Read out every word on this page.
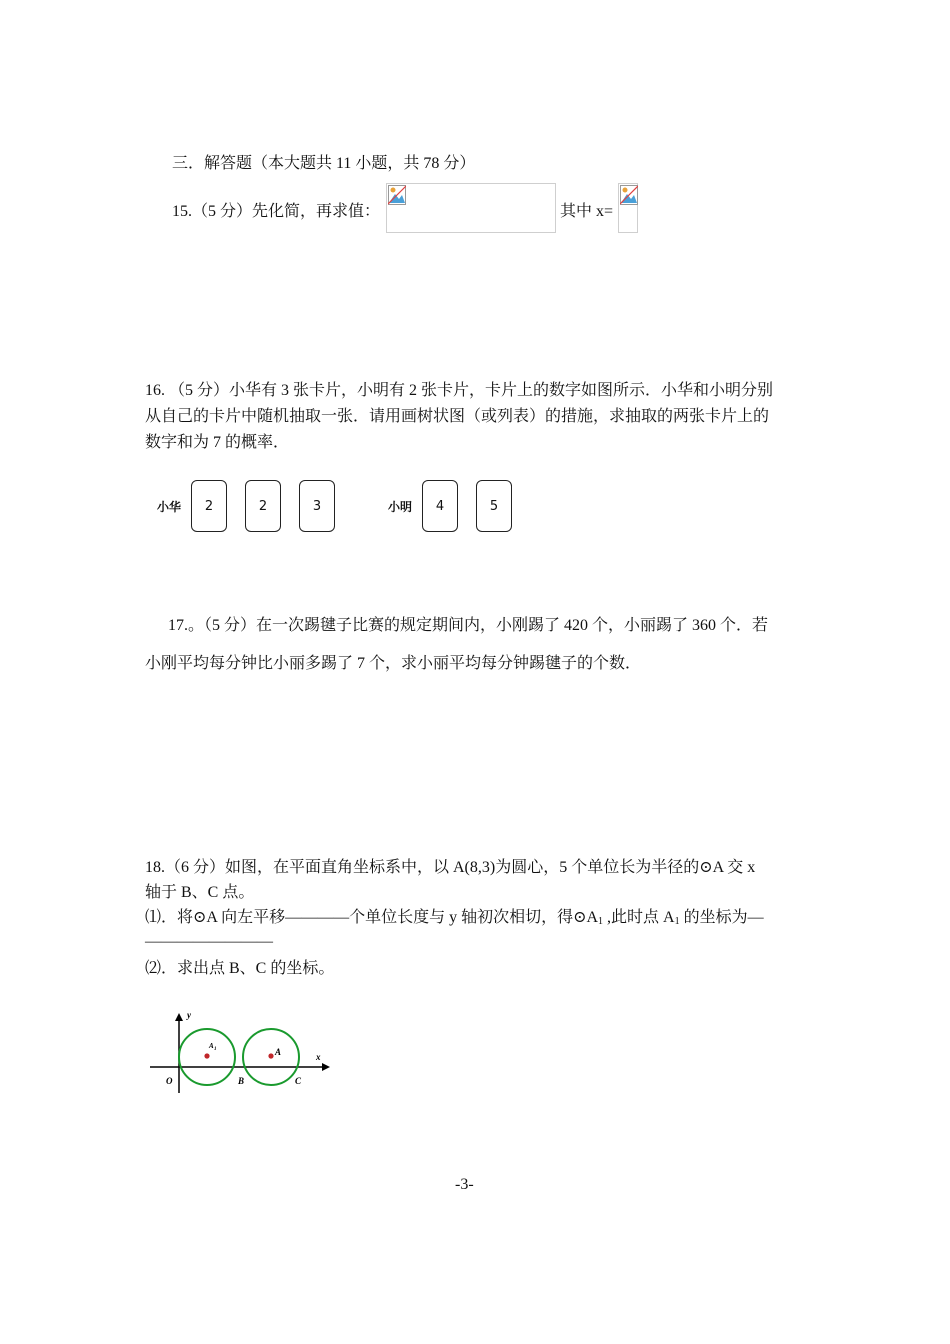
三．解答题（本大题共 11 小题，共 78 分）
15.（5 分）先化简，再求值：	其中 x=
16. （5 分）小华有 3 张卡片，小明有 2 张卡片，卡片上的数字如图所示．小华和小明分别
从自己的卡片中随机抽取一张．请用画树状图（或列表）的措施，求抽取的两张卡片上的
数字和为 7 的概率．
小华	2	2	3	小明	4	5
17.。（5 分）在一次踢毽子比赛的规定期间内，小刚踢了 420 个，小丽踢了 360 个．若
小刚平均每分钟比小丽多踢了 7 个，求小丽平均每分钟踢毽子的个数．
18.（6 分）如图，在平面直角坐标系中，以 A(8,3)为圆心，5 个单位长为半径的⊙A 交 x
轴于 B、C 点。
⑴．将⊙A 向左平移————个单位长度与 y 轴初次相切，得$⊙A_1$ ,此时点 $A_1$ 的坐标为—
————————
⑵．求出点 B、C 的坐标。
y
x
O	B	C
A
A 1
-3-
